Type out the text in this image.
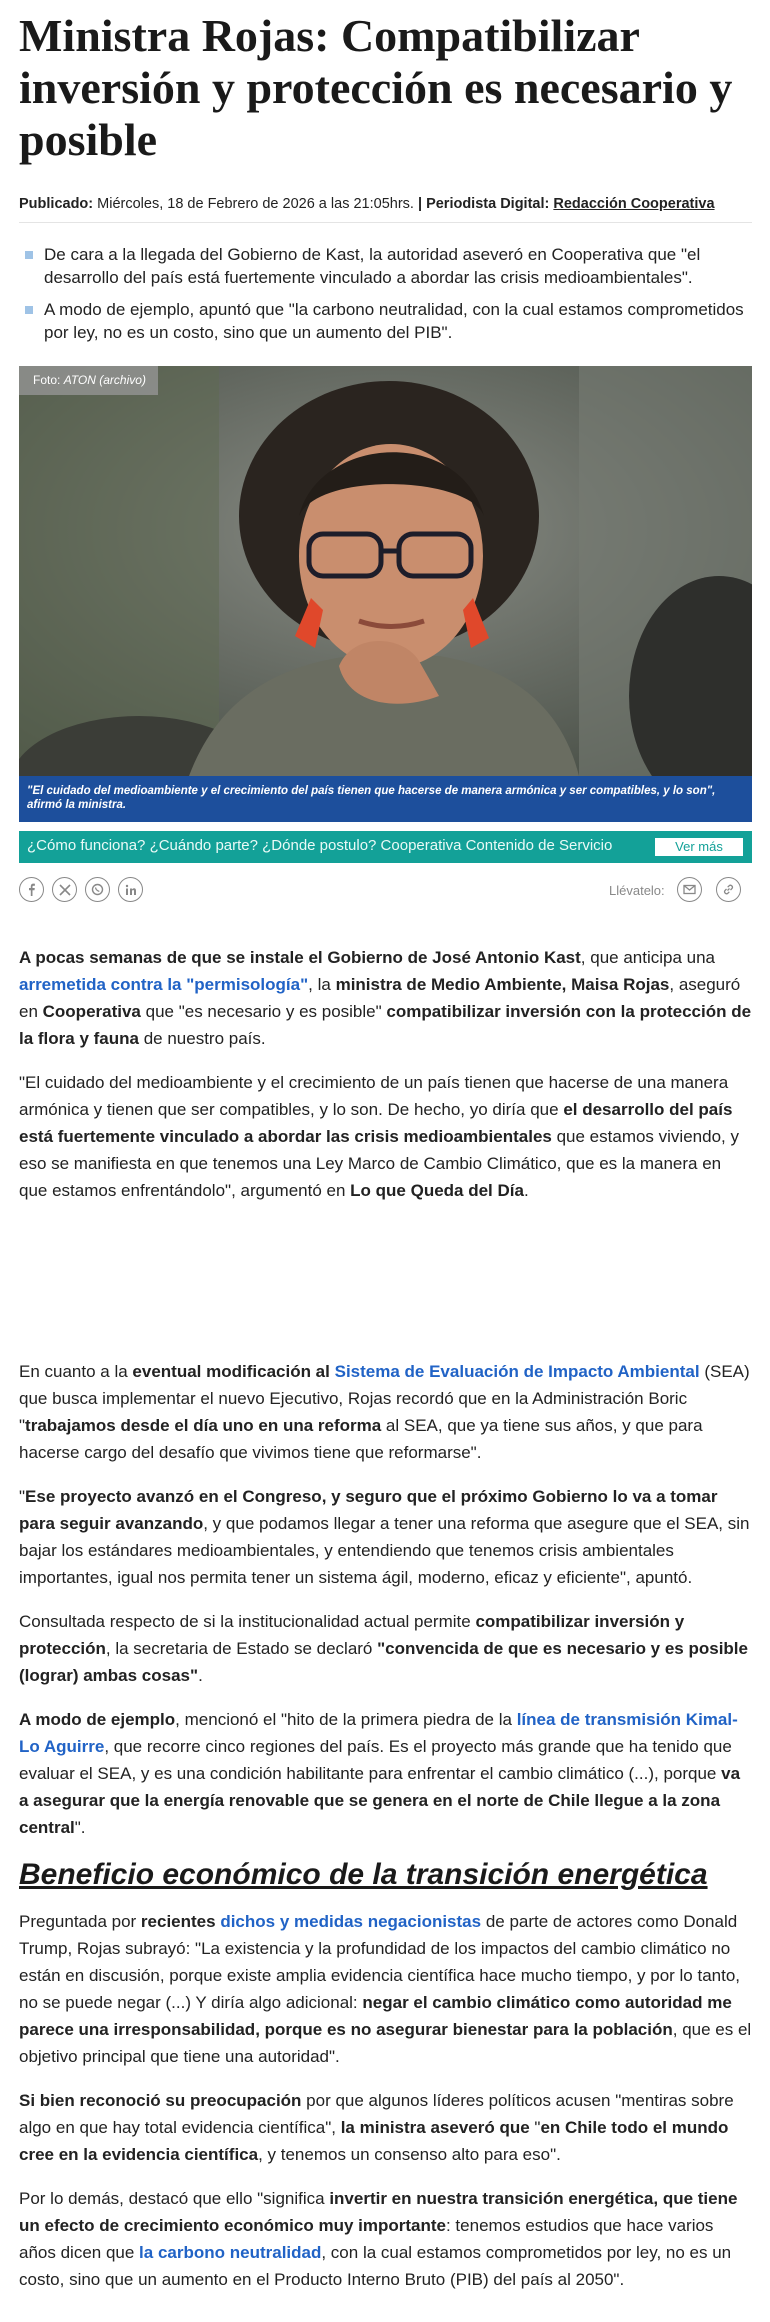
Ministra Rojas: Compatibilizar inversión y protección es necesario y posible
Publicado: Miércoles, 18 de Febrero de 2026 a las 21:05hrs. | Periodista Digital: Redacción Cooperativa
De cara a la llegada del Gobierno de Kast, la autoridad aseveró en Cooperativa que "el desarrollo del país está fuertemente vinculado a abordar las crisis medioambientales".
A modo de ejemplo, apuntó que "la carbono neutralidad, con la cual estamos comprometidos por ley, no es un costo, sino que un aumento del PIB".
Foto: ATON (archivo)
"El cuidado del medioambiente y el crecimiento del país tienen que hacerse de manera armónica y ser compatibles, y lo son", afirmó la ministra.
¿Cómo funciona? ¿Cuándo parte? ¿Dónde postulo? Cooperativa Contenido de Servicio	Ver más
Llévatelo:

A pocas semanas de que se instale el Gobierno de José Antonio Kast, que anticipa una arremetida contra la "permisología", la ministra de Medio Ambiente, Maisa Rojas, aseguró en Cooperativa que "es necesario y es posible" compatibilizar inversión con la protección de la flora y fauna de nuestro país.

"El cuidado del medioambiente y el crecimiento de un país tienen que hacerse de una manera armónica y tienen que ser compatibles, y lo son. De hecho, yo diría que el desarrollo del país está fuertemente vinculado a abordar las crisis medioambientales que estamos viviendo, y eso se manifiesta en que tenemos una Ley Marco de Cambio Climático, que es la manera en que estamos enfrentándolo", argumentó en Lo que Queda del Día.

En cuanto a la eventual modificación al Sistema de Evaluación de Impacto Ambiental (SEA) que busca implementar el nuevo Ejecutivo, Rojas recordó que en la Administración Boric "trabajamos desde el día uno en una reforma al SEA, que ya tiene sus años, y que para hacerse cargo del desafío que vivimos tiene que reformarse".

"Ese proyecto avanzó en el Congreso, y seguro que el próximo Gobierno lo va a tomar para seguir avanzando, y que podamos llegar a tener una reforma que asegure que el SEA, sin bajar los estándares medioambientales, y entendiendo que tenemos crisis ambientales importantes, igual nos permita tener un sistema ágil, moderno, eficaz y eficiente", apuntó.

Consultada respecto de si la institucionalidad actual permite compatibilizar inversión y protección, la secretaria de Estado se declaró "convencida de que es necesario y es posible (lograr) ambas cosas".

A modo de ejemplo, mencionó el "hito de la primera piedra de la línea de transmisión Kimal-Lo Aguirre, que recorre cinco regiones del país. Es el proyecto más grande que ha tenido que evaluar el SEA, y es una condición habilitante para enfrentar el cambio climático (...), porque va a asegurar que la energía renovable que se genera en el norte de Chile llegue a la zona central".

Beneficio económico de la transición energética

Preguntada por recientes dichos y medidas negacionistas de parte de actores como Donald Trump, Rojas subrayó: "La existencia y la profundidad de los impactos del cambio climático no están en discusión, porque existe amplia evidencia científica hace mucho tiempo, y por lo tanto, no se puede negar (...) Y diría algo adicional: negar el cambio climático como autoridad me parece una irresponsabilidad, porque es no asegurar bienestar para la población, que es el objetivo principal que tiene una autoridad".

Si bien reconoció su preocupación por que algunos líderes políticos acusen "mentiras sobre algo en que hay total evidencia científica", la ministra aseveró que "en Chile todo el mundo cree en la evidencia científica, y tenemos un consenso alto para eso".

Por lo demás, destacó que ello "significa invertir en nuestra transición energética, que tiene un efecto de crecimiento económico muy importante: tenemos estudios que hace varios años dicen que la carbono neutralidad, con la cual estamos comprometidos por ley, no es un costo, sino que un aumento en el Producto Interno Bruto (PIB) del país al 2050".
